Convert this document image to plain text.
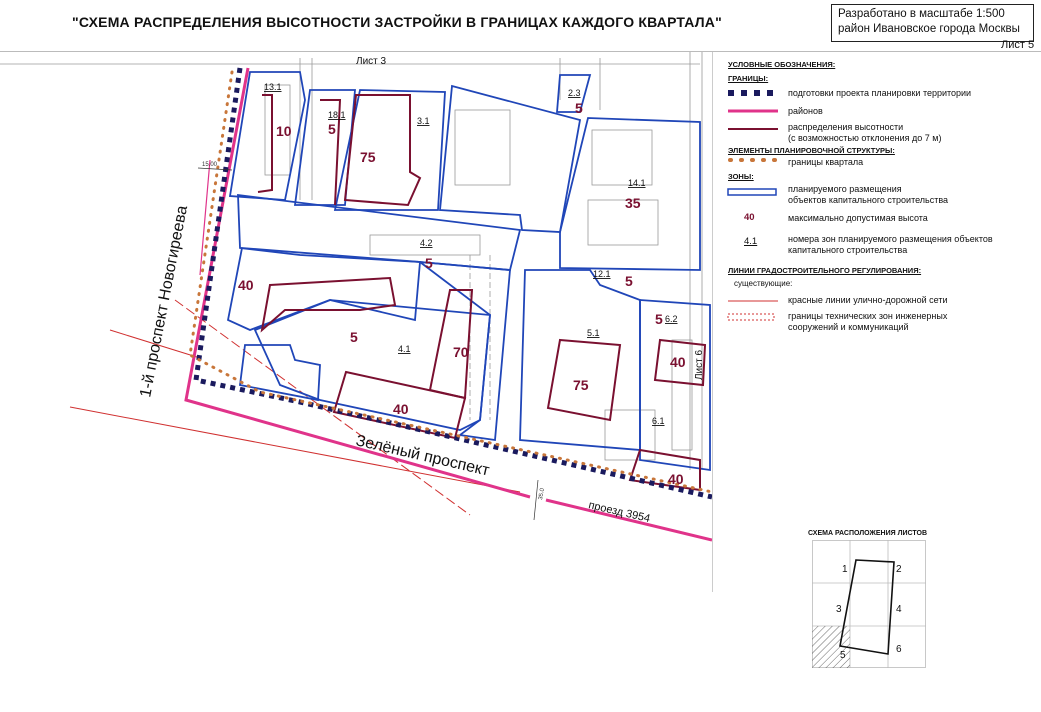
"СХЕМА РАСПРЕДЕЛЕНИЯ ВЫСОТНОСТИ ЗАСТРОЙКИ В ГРАНИЦАХ КАЖДОГО КВАРТАЛА"	Разработано в масштабе 1:500
район Ивановское города Москвы
Лист 5
15.00
35.0
Лист 3
Лист 6
1-й проспект Новогиреева
Зелёный проспект
проезд 3954
13.1
18.1
3.1
2.3
14.1
4.2
12.1
6.2
5.1
4.1
6.1
10	5
75
5
35
5
5
5
40
5
70
75
40
40
40
УСЛОВНЫЕ ОБОЗНАЧЕНИЯ:
ГРАНИЦЫ:
подготовки проекта планировки территории
районов
распределения высотности
(с возможностью отклонения до 7 м)
ЭЛЕМЕНТЫ ПЛАНИРОВОЧНОЙ СТРУКТУРЫ:
границы квартала
ЗОНЫ:
планируемого размещения
объектов капитального строительства
40	максимально допустимая высота
4.1	номера зон планируемого размещения объектов
капитального строительства
ЛИНИИ ГРАДОСТРОИТЕЛЬНОГО РЕГУЛИРОВАНИЯ:
существующие:
красные линии улично-дорожной сети
границы технических зон инженерных
сооружений и коммуникаций
СХЕМА РАСПОЛОЖЕНИЯ ЛИСТОВ
1	2
3	4
5
6
